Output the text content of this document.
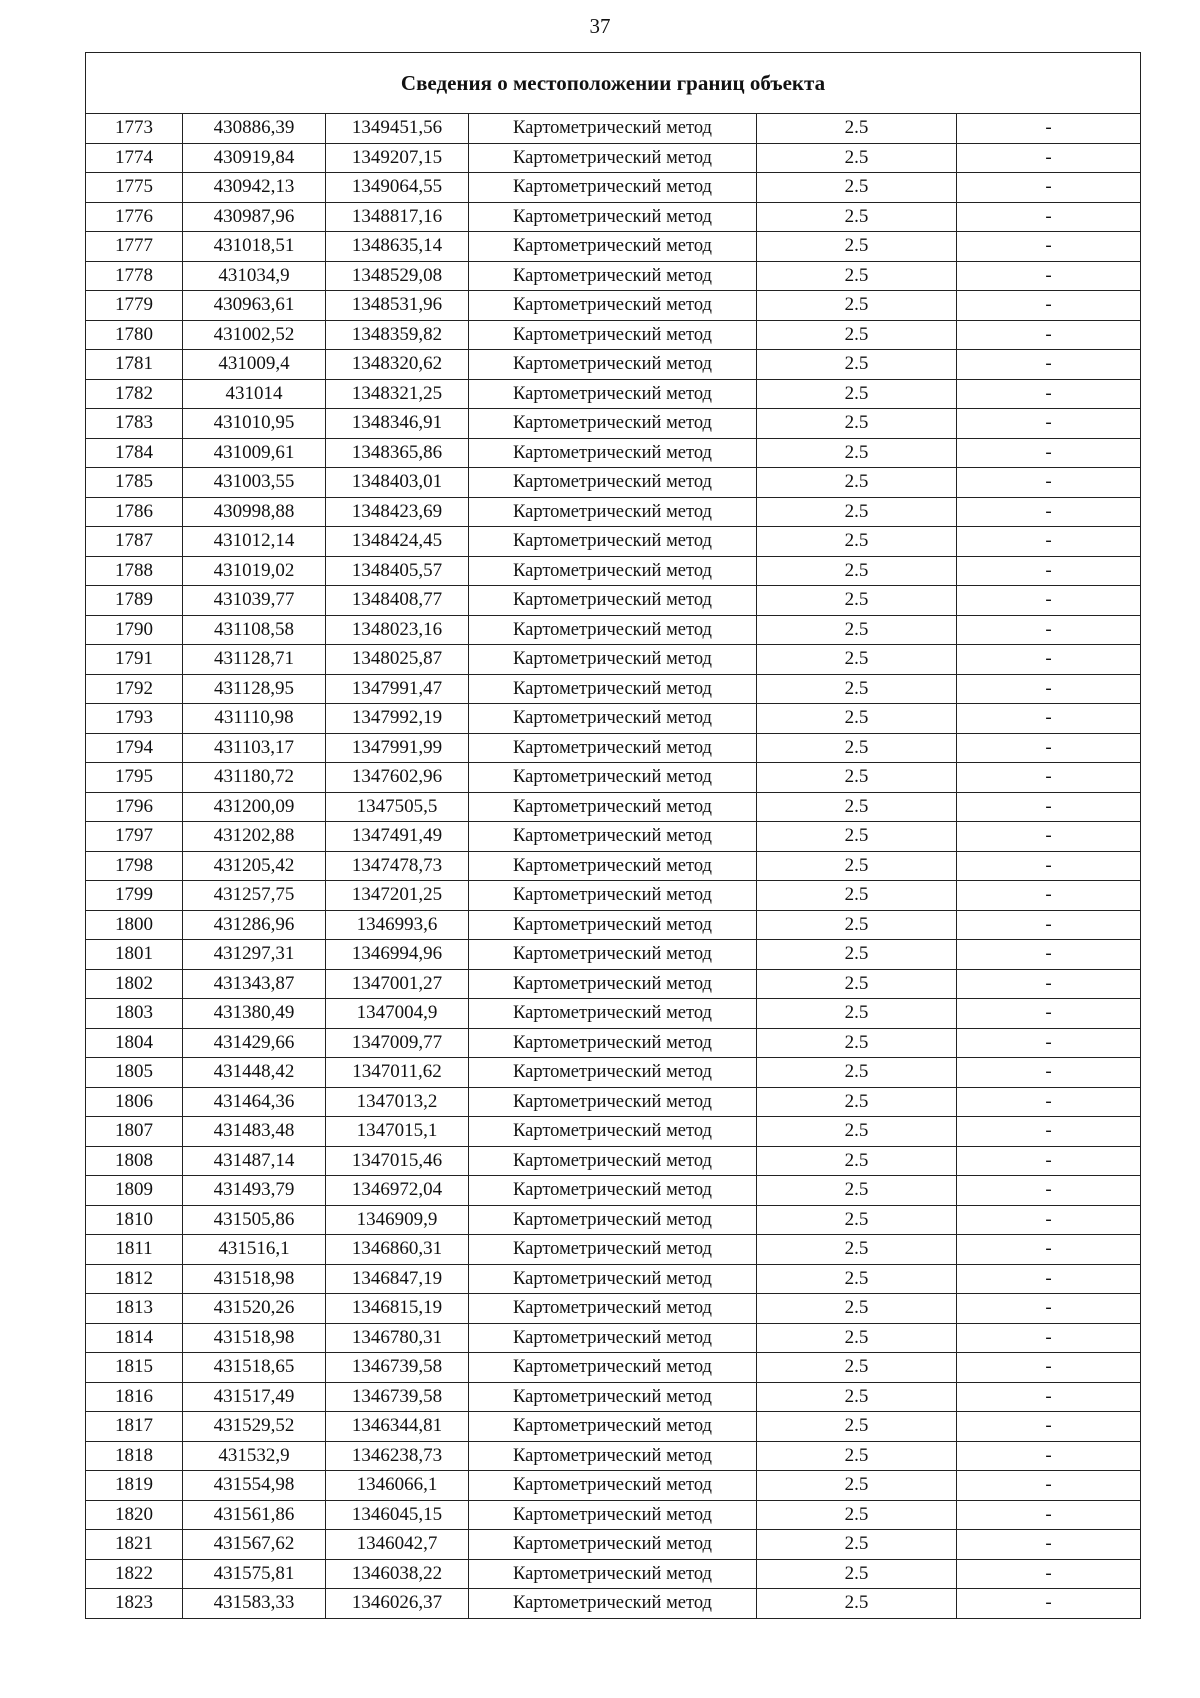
37
Сведения о местоположении границ объекта					
1773	430886,39	1349451,56	Картометрический метод	2.5	-
1774	430919,84	1349207,15	Картометрический метод	2.5	-
1775	430942,13	1349064,55	Картометрический метод	2.5	-
1776	430987,96	1348817,16	Картометрический метод	2.5	-
1777	431018,51	1348635,14	Картометрический метод	2.5	-
1778	431034,9	1348529,08	Картометрический метод	2.5	-
1779	430963,61	1348531,96	Картометрический метод	2.5	-
1780	431002,52	1348359,82	Картометрический метод	2.5	-
1781	431009,4	1348320,62	Картометрический метод	2.5	-
1782	431014	1348321,25	Картометрический метод	2.5	-
1783	431010,95	1348346,91	Картометрический метод	2.5	-
1784	431009,61	1348365,86	Картометрический метод	2.5	-
1785	431003,55	1348403,01	Картометрический метод	2.5	-
1786	430998,88	1348423,69	Картометрический метод	2.5	-
1787	431012,14	1348424,45	Картометрический метод	2.5	-
1788	431019,02	1348405,57	Картометрический метод	2.5	-
1789	431039,77	1348408,77	Картометрический метод	2.5	-
1790	431108,58	1348023,16	Картометрический метод	2.5	-
1791	431128,71	1348025,87	Картометрический метод	2.5	-
1792	431128,95	1347991,47	Картометрический метод	2.5	-
1793	431110,98	1347992,19	Картометрический метод	2.5	-
1794	431103,17	1347991,99	Картометрический метод	2.5	-
1795	431180,72	1347602,96	Картометрический метод	2.5	-
1796	431200,09	1347505,5	Картометрический метод	2.5	-
1797	431202,88	1347491,49	Картометрический метод	2.5	-
1798	431205,42	1347478,73	Картометрический метод	2.5	-
1799	431257,75	1347201,25	Картометрический метод	2.5	-
1800	431286,96	1346993,6	Картометрический метод	2.5	-
1801	431297,31	1346994,96	Картометрический метод	2.5	-
1802	431343,87	1347001,27	Картометрический метод	2.5	-
1803	431380,49	1347004,9	Картометрический метод	2.5	-
1804	431429,66	1347009,77	Картометрический метод	2.5	-
1805	431448,42	1347011,62	Картометрический метод	2.5	-
1806	431464,36	1347013,2	Картометрический метод	2.5	-
1807	431483,48	1347015,1	Картометрический метод	2.5	-
1808	431487,14	1347015,46	Картометрический метод	2.5	-
1809	431493,79	1346972,04	Картометрический метод	2.5	-
1810	431505,86	1346909,9	Картометрический метод	2.5	-
1811	431516,1	1346860,31	Картометрический метод	2.5	-
1812	431518,98	1346847,19	Картометрический метод	2.5	-
1813	431520,26	1346815,19	Картометрический метод	2.5	-
1814	431518,98	1346780,31	Картометрический метод	2.5	-
1815	431518,65	1346739,58	Картометрический метод	2.5	-
1816	431517,49	1346739,58	Картометрический метод	2.5	-
1817	431529,52	1346344,81	Картометрический метод	2.5	-
1818	431532,9	1346238,73	Картометрический метод	2.5	-
1819	431554,98	1346066,1	Картометрический метод	2.5	-
1820	431561,86	1346045,15	Картометрический метод	2.5	-
1821	431567,62	1346042,7	Картометрический метод	2.5	-
1822	431575,81	1346038,22	Картометрический метод	2.5	-
1823	431583,33	1346026,37	Картометрический метод	2.5	-
